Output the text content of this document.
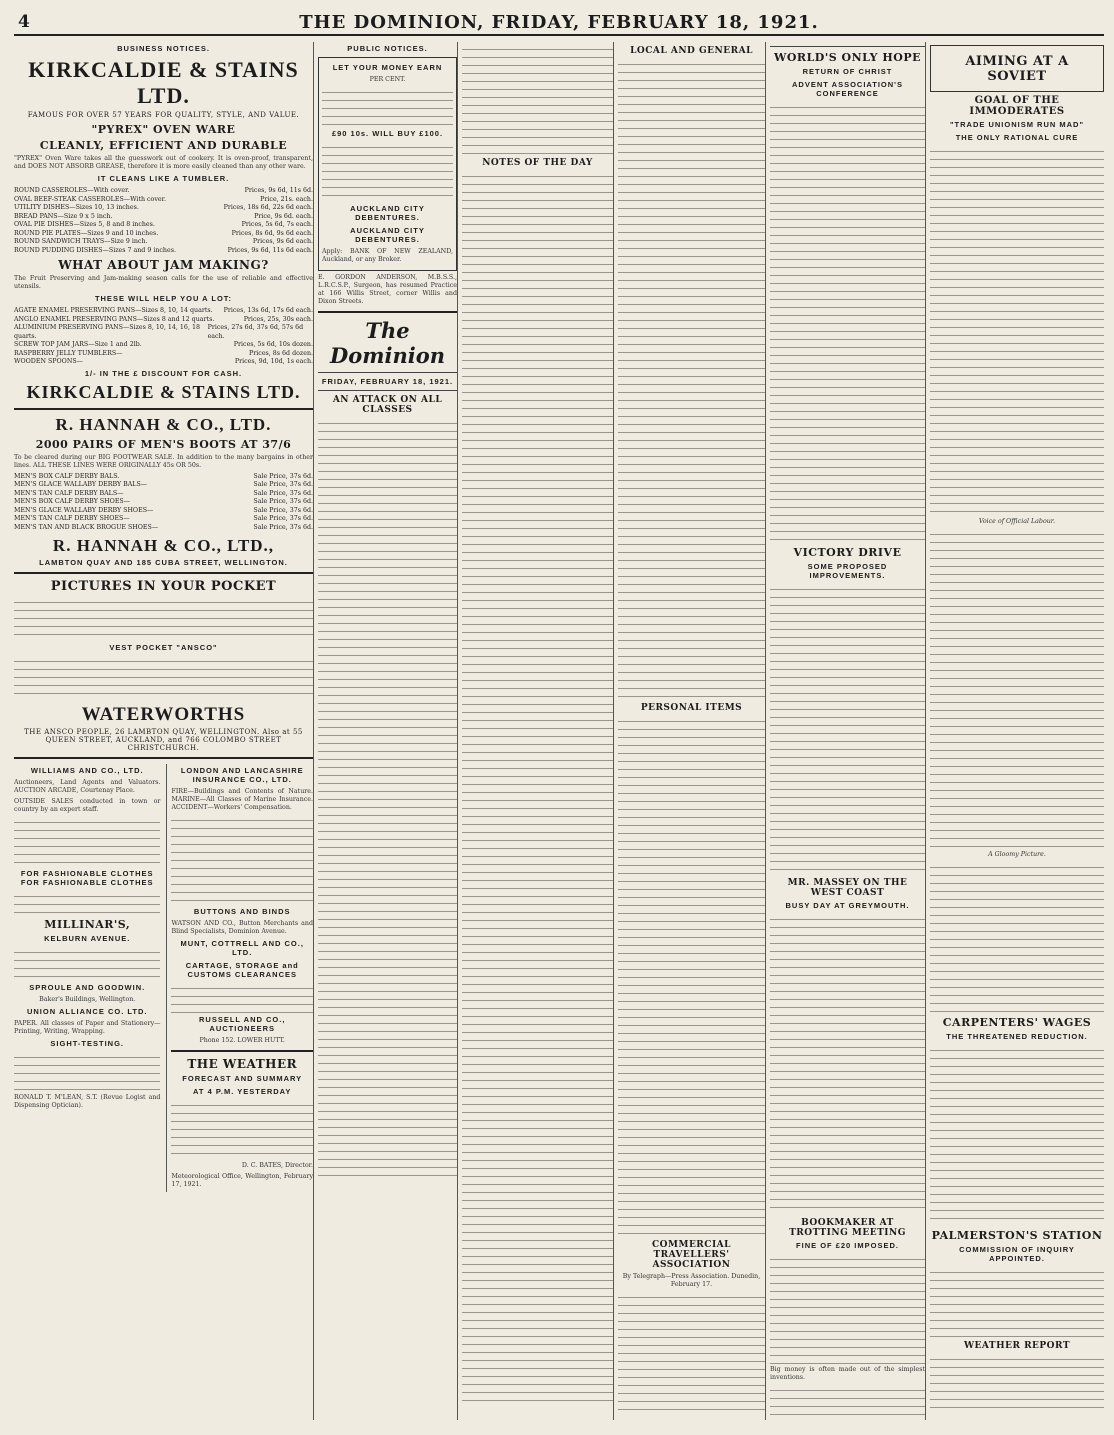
4	THE DOMINION, FRIDAY, FEBRUARY 18, 1921.
BUSINESS NOTICES.
KIRKCALDIE & STAINS LTD.
FAMOUS FOR OVER 57 YEARS FOR QUALITY, STYLE, AND VALUE.
"PYREX" OVEN WARE
CLEANLY, EFFICIENT AND DURABLE
"PYREX" Oven Ware takes all the guesswork out of cookery. It is oven-proof, transparent, and DOES NOT ABSORB GREASE, therefore it is more easily cleaned than any other ware.
IT CLEANS LIKE A TUMBLER.
ROUND CASSEROLES—With cover.	Prices, 9s 6d, 11s 6d.
OVAL BEEF-STEAK CASSEROLES—With cover.	Price, 21s. each.
UTILITY DISHES—Sizes 10, 13 inches.	Prices, 18s 6d, 22s 6d each.
BREAD PANS—Size 9 x 5 inch.	Price, 9s 6d. each.
OVAL PIE DISHES—Sizes 5, 8 and 8 inches.	Prices, 5s 6d, 7s each.
ROUND PIE PLATES—Sizes 9 and 10 inches.	Prices, 8s 6d, 9s 6d each.
ROUND SANDWICH TRAYS—Size 9 inch.	Prices, 9s 6d each.
ROUND PUDDING DISHES—Sizes 7 and 9 inches.	Prices, 9s 6d, 11s 6d each.
WHAT ABOUT JAM MAKING?
The Fruit Preserving and Jam-making season calls for the use of reliable and effective utensils.
THESE WILL HELP YOU A LOT:
AGATE ENAMEL PRESERVING PANS—Sizes 8, 10, 14 quarts. Prices, 13s 6d, 17s 6d each.
ANGLO ENAMEL PRESERVING PANS—Sizes 8 and 12 quarts.	Prices, 25s, 30s each.
ALUMINIUM PRESERVING PANS—Sizes 8, 10, 14, 16, 18 quarts.
Prices, 27s 6d, 37s 6d, 57s 6d each.
SCREW TOP JAM JARS—Size 1 and 2lb.	Prices, 5s 6d, 10s dozen.
RASPBERRY JELLY TUMBLERS—	Prices, 8s 6d dozen.
WOODEN SPOONS—	Prices, 9d, 10d, 1s each.
1/- IN THE £ DISCOUNT FOR CASH.
KIRKCALDIE & STAINS LTD.
R. HANNAH & CO., LTD.
2000 PAIRS OF MEN'S BOOTS AT 37/6
To be cleared during our BIG FOOTWEAR SALE. In addition to the many bargains in other lines. ALL THESE LINES WERE ORIGINALLY 45s OR 50s.
MEN'S BOX CALF DERBY BALS.	Sale Price, 37s 6d.
MEN'S GLACE WALLABY DERBY BALS—	Sale Price, 37s 6d.
MEN'S TAN CALF DERBY BALS—	Sale Price, 37s 6d.
MEN'S BOX CALF DERBY SHOES—	Sale Price, 37s 6d.
MEN'S GLACE WALLABY DERBY SHOES—	Sale Price, 37s 6d.
MEN'S TAN CALF DERBY SHOES—	Sale Price, 37s 6d.
MEN'S TAN AND BLACK BROGUE SHOES—	Sale Price, 37s 6d.
R. HANNAH & CO., LTD.,
LAMBTON QUAY AND 185 CUBA STREET, WELLINGTON.
PICTURES IN YOUR POCKET
VEST POCKET "ANSCO"
WATERWORTHS
THE ANSCO PEOPLE, 26 LAMBTON QUAY, WELLINGTON. Also at 55 QUEEN STREET, AUCKLAND, and 766 COLOMBO STREET CHRISTCHURCH.
WILLIAMS AND CO., LTD.
Auctioneers, Land Agents and Valuators. AUCTION ARCADE, Courtenay Place.
OUTSIDE SALES conducted in town or country by an expert staff.
FOR FASHIONABLE CLOTHES FOR FASHIONABLE CLOTHES
MILLINAR'S,
KELBURN AVENUE.
SPROULE AND GOODWIN.
Baker's Buildings, Wellington.
UNION ALLIANCE CO. LTD.
PAPER. All classes of Paper and Stationery—Printing, Writing, Wrapping.
SIGHT-TESTING.
RONALD T. M'LEAN, S.T. (Revue Logist and Dispensing Optician).
LONDON AND LANCASHIRE INSURANCE CO., LTD.
FIRE—Buildings and Contents of Nature. MARINE—All Classes of Marine Insurance. ACCIDENT—Workers' Compensation.
BUTTONS AND BINDS
WATSON AND CO., Button Merchants and Blind Specialists, Dominion Avenue.
MUNT, COTTRELL AND CO., LTD.
CARTAGE, STORAGE and CUSTOMS CLEARANCES
RUSSELL AND CO., AUCTIONEERS
Phone 152. LOWER HUTT.
THE WEATHER
FORECAST AND SUMMARY
AT 4 P.M. YESTERDAY
D. C. BATES, Director.
Meteorological Office, Wellington, February 17, 1921.
PUBLIC NOTICES.
LET YOUR MONEY EARN
PER CENT.
£90 10s. WILL BUY £100.
AUCKLAND CITY DEBENTURES.
AUCKLAND CITY DEBENTURES.
Apply: BANK OF NEW ZEALAND, Auckland, or any Broker.
E. GORDON ANDERSON, M.B.S.S., L.R.C.S.P., Surgeon, has resumed Practice at 166 Willis Street, corner Willis and Dixon Streets.
The Dominion
FRIDAY, FEBRUARY 18, 1921.
AN ATTACK ON ALL CLASSES
NOTES OF THE DAY
LOCAL AND GENERAL
PERSONAL ITEMS
COMMERCIAL TRAVELLERS' ASSOCIATION
By Telegraph—Press Association. Dunedin, February 17.
WORLD'S ONLY HOPE
RETURN OF CHRIST
ADVENT ASSOCIATION'S CONFERENCE
VICTORY DRIVE
SOME PROPOSED IMPROVEMENTS.
MR. MASSEY ON THE WEST COAST
BUSY DAY AT GREYMOUTH.
BOOKMAKER AT TROTTING MEETING
FINE OF £20 IMPOSED.
Big money is often made out of the simplest inventions.
AIMING AT A SOVIET
GOAL OF THE IMMODERATES
"TRADE UNIONISM RUN MAD"
THE ONLY RATIONAL CURE
Voice of Official Labour.
A Gloomy Picture.
CARPENTERS' WAGES
THE THREATENED REDUCTION.
PALMERSTON'S STATION
COMMISSION OF INQUIRY APPOINTED.
WEATHER REPORT
